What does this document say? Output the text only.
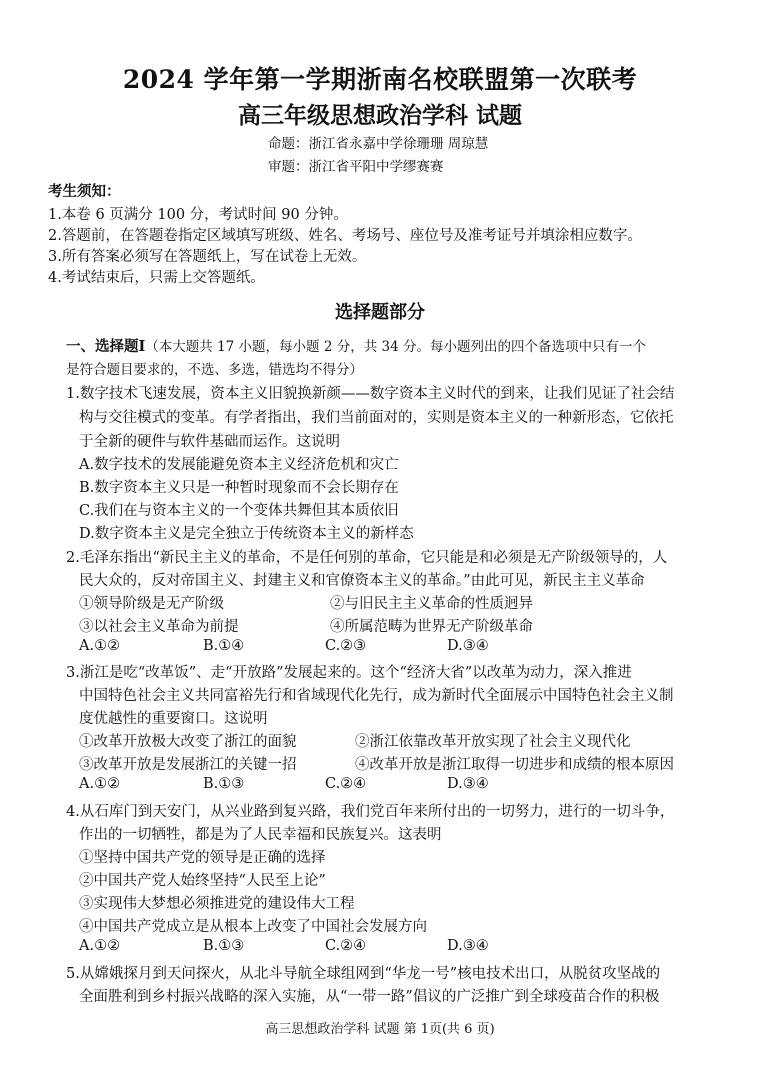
2024 学年第一学期浙南名校联盟第一次联考
高三年级思想政治学科 试题
命题：浙江省永嘉中学徐珊珊 周琼慧
审题：浙江省平阳中学缪赛赛
考生须知：
1.本卷 6 页满分 100 分，考试时间 90 分钟。
2.答题前，在答题卷指定区域填写班级、姓名、考场号、座位号及准考证号并填涂相应数字。
3.所有答案必须写在答题纸上，写在试卷上无效。
4.考试结束后，只需上交答题纸。
选择题部分
一、选择题Ⅰ（本大题共 17 小题，每小题 2 分，共 34 分。每小题列出的四个备选项中只有一个
是符合题目要求的，不选、多选，错选均不得分）
1.数字技术飞速发展，资本主义旧貌换新颜——数字资本主义时代的到来，让我们见证了社会结
构与交往模式的变革。有学者指出，我们当前面对的，实则是资本主义的一种新形态，它依托
于全新的硬件与软件基础而运作。这说明
A.数字技术的发展能避免资本主义经济危机和灾亡
B.数字资本主义只是一种暂时现象而不会长期存在
C.我们在与资本主义的一个变体共舞但其本质依旧
D.数字资本主义是完全独立于传统资本主义的新样态
2.毛泽东指出“新民主主义的革命，不是任何别的革命，它只能是和必须是无产阶级领导的，人
民大众的，反对帝国主义、封建主义和官僚资本主义的革命。”由此可见，新民主主义革命
①领导阶级是无产阶级	②与旧民主主义革命的性质迥异
③以社会主义革命为前提	④所属范畴为世界无产阶级革命
A.①②	B.①④	C.②③	D.③④
3.浙江是吃“改革饭”、走“开放路”发展起来的。这个“经济大省”以改革为动力，深入推进
中国特色社会主义共同富裕先行和省域现代化先行，成为新时代全面展示中国特色社会主义制
度优越性的重要窗口。这说明
①改革开放极大改变了浙江的面貌	②浙江依靠改革开放实现了社会主义现代化
③改革开放是发展浙江的关键一招	④改革开放是浙江取得一切进步和成绩的根本原因
A.①②	B.①③	C.②④	D.③④
4.从石库门到天安门，从兴业路到复兴路，我们党百年来所付出的一切努力，进行的一切斗争，
作出的一切牺牲，都是为了人民幸福和民族复兴。这表明
①坚持中国共产党的领导是正确的选择
②中国共产党人始终坚持“人民至上论”
③实现伟大梦想必须推进党的建设伟大工程
④中国共产党成立是从根本上改变了中国社会发展方向
A.①②	B.①③	C.②④	D.③④
5.从嫦娥探月到天问探火，从北斗导航全球组网到“华龙一号”核电技术出口，从脱贫攻坚战的
全面胜利到乡村振兴战略的深入实施，从“一带一路”倡议的广泛推广到全球疫苗合作的积极
高三思想政治学科 试题 第 1页(共 6 页)
